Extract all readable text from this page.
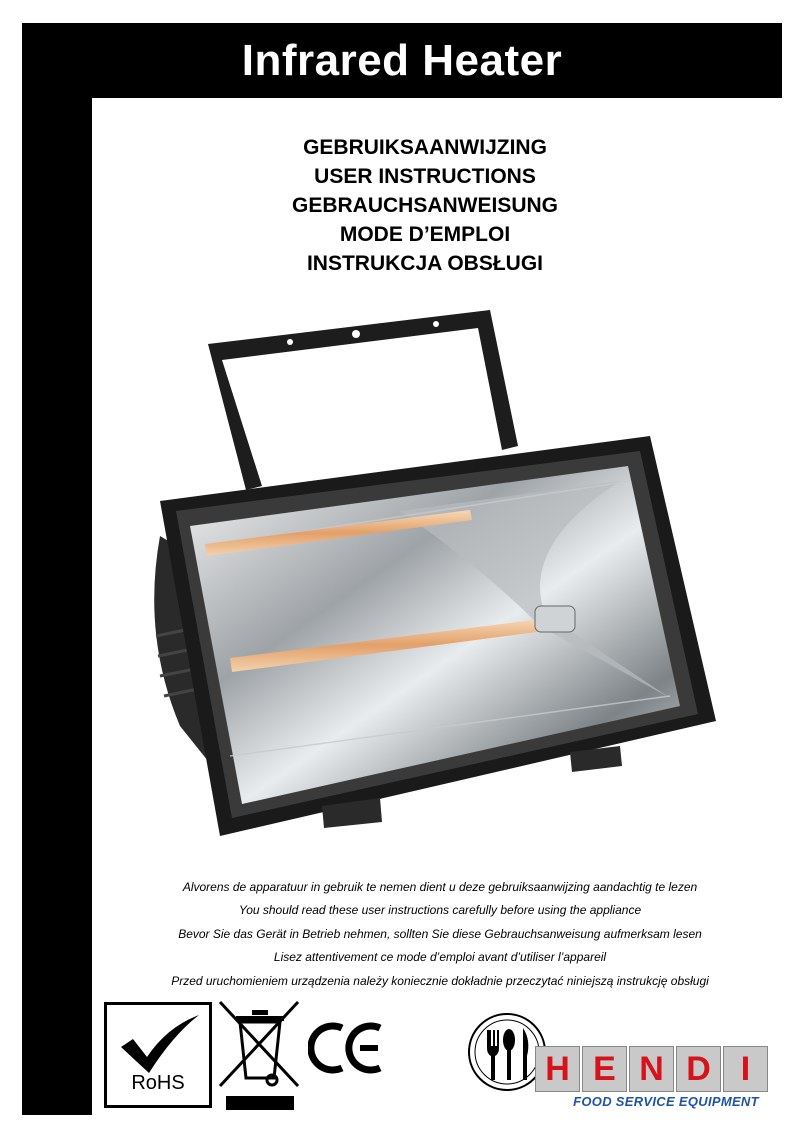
Infrared Heater
GEBRUIKSAANWIJZING
USER INSTRUCTIONS
GEBRAUCHSANWEISUNG
MODE D’EMPLOI
INSTRUKCJA OBSŁUGI
Alvorens de apparatuur in gebruik te nemen dient u deze gebruiksaanwijzing aandachtig te lezen
You should read these user instructions carefully before using the appliance
Bevor Sie das Gerät in Betrieb nehmen, sollten Sie diese Gebrauchsanweisung aufmerksam lesen
Lisez attentivement ce mode d’emploi avant d’utiliser l’appareil
Przed uruchomieniem urządzenia należy koniecznie dokładnie przeczytać niniejszą instrukcję obsługi
RoHS	H E N D I
FOOD SERVICE EQUIPMENT
